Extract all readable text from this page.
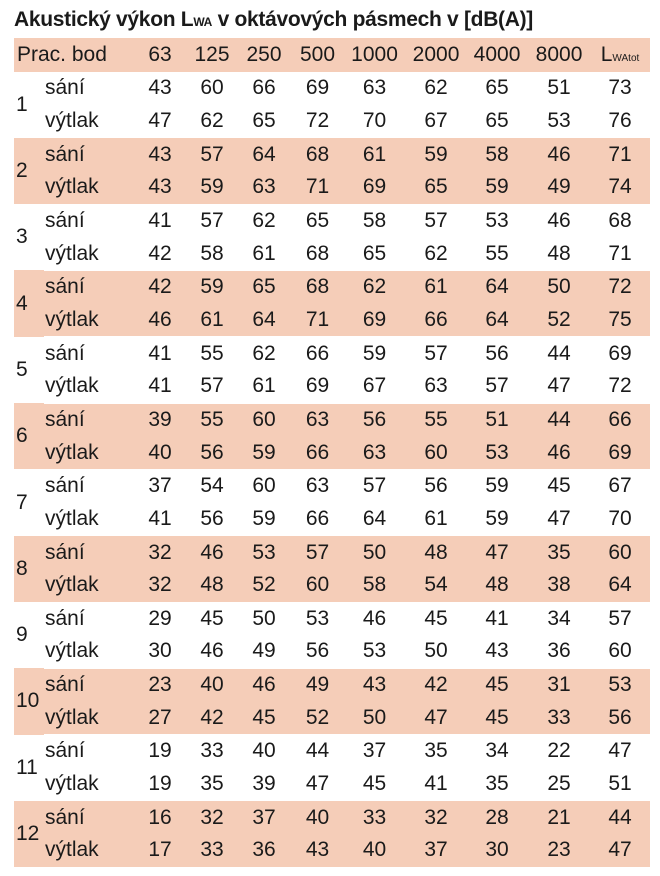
Akustický výkon LWA v oktávových pásmech v [dB(A)]
Prac. bod		63	125	250	500	1000	2000	4000	8000	LWAtot
1	sání	43	60	66	69	63	62	65	51	73
	výtlak	47	62	65	72	70	67	65	53	76
2	sání	43	57	64	68	61	59	58	46	71
	výtlak	43	59	63	71	69	65	59	49	74
3	sání	41	57	62	65	58	57	53	46	68
	výtlak	42	58	61	68	65	62	55	48	71
4	sání	42	59	65	68	62	61	64	50	72
	výtlak	46	61	64	71	69	66	64	52	75
5	sání	41	55	62	66	59	57	56	44	69
	výtlak	41	57	61	69	67	63	57	47	72
6	sání	39	55	60	63	56	55	51	44	66
	výtlak	40	56	59	66	63	60	53	46	69
7	sání	37	54	60	63	57	56	59	45	67
	výtlak	41	56	59	66	64	61	59	47	70
8	sání	32	46	53	57	50	48	47	35	60
	výtlak	32	48	52	60	58	54	48	38	64
9	sání	29	45	50	53	46	45	41	34	57
	výtlak	30	46	49	56	53	50	43	36	60
10	sání	23	40	46	49	43	42	45	31	53
	výtlak	27	42	45	52	50	47	45	33	56
11	sání	19	33	40	44	37	35	34	22	47
	výtlak	19	35	39	47	45	41	35	25	51
12	sání	16	32	37	40	33	32	28	21	44
	výtlak	17	33	36	43	40	37	30	23	47
